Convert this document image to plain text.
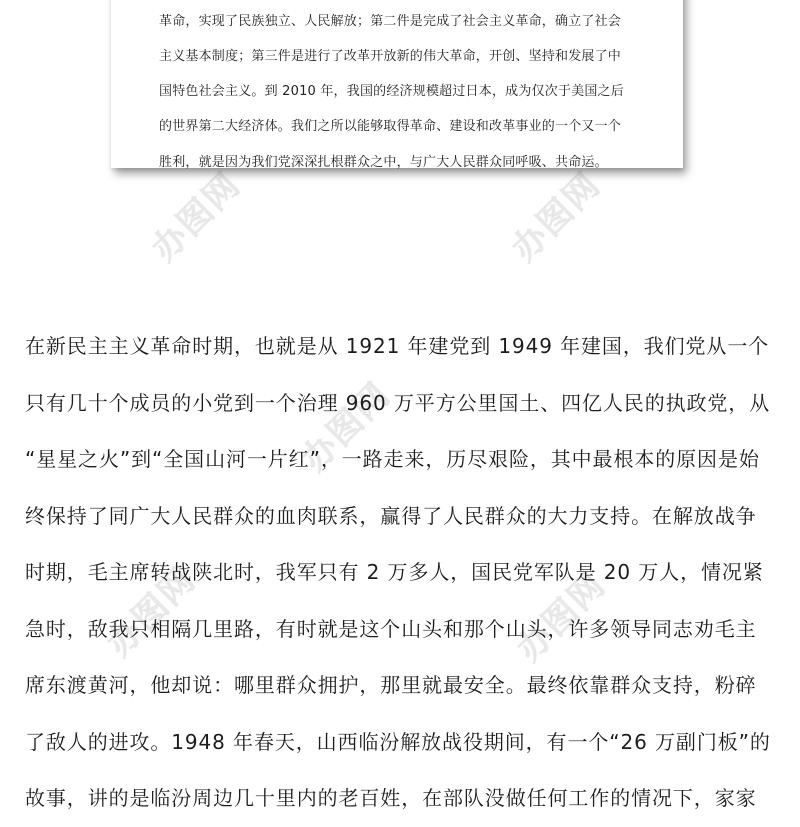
办图网	办图网
办图网
办图网	办图网
革命，实现了民族独立、人民解放；第二件是完成了社会主义革命，确立了社会
主义基本制度；第三件是进行了改革开放新的伟大革命，开创、坚持和发展了中
国特色社会主义。到 2010 年，我国的经济规模超过日本，成为仅次于美国之后
的世界第二大经济体。我们之所以能够取得革命、建设和改革事业的一个又一个
胜利，就是因为我们党深深扎根群众之中，与广大人民群众同呼吸、共命运。
在新民主主义革命时期，也就是从 1921 年建党到 1949 年建国，我们党从一个
只有几十个成员的小党到一个治理 960 万平方公里国土、四亿人民的执政党，从
“星星之火”到“全国山河一片红”，一路走来，历尽艰险，其中最根本的原因是始
终保持了同广大人民群众的血肉联系，赢得了人民群众的大力支持。在解放战争
时期，毛主席转战陕北时，我军只有 2 万多人，国民党军队是 20 万人，情况紧
急时，敌我只相隔几里路，有时就是这个山头和那个山头，许多领导同志劝毛主
席东渡黄河，他却说：哪里群众拥护，那里就最安全。最终依靠群众支持，粉碎
了敌人的进攻。1948 年春天，山西临汾解放战役期间，有一个“26 万副门板”的
故事，讲的是临汾周边几十里内的老百姓，在部队没做任何工作的情况下，家家
